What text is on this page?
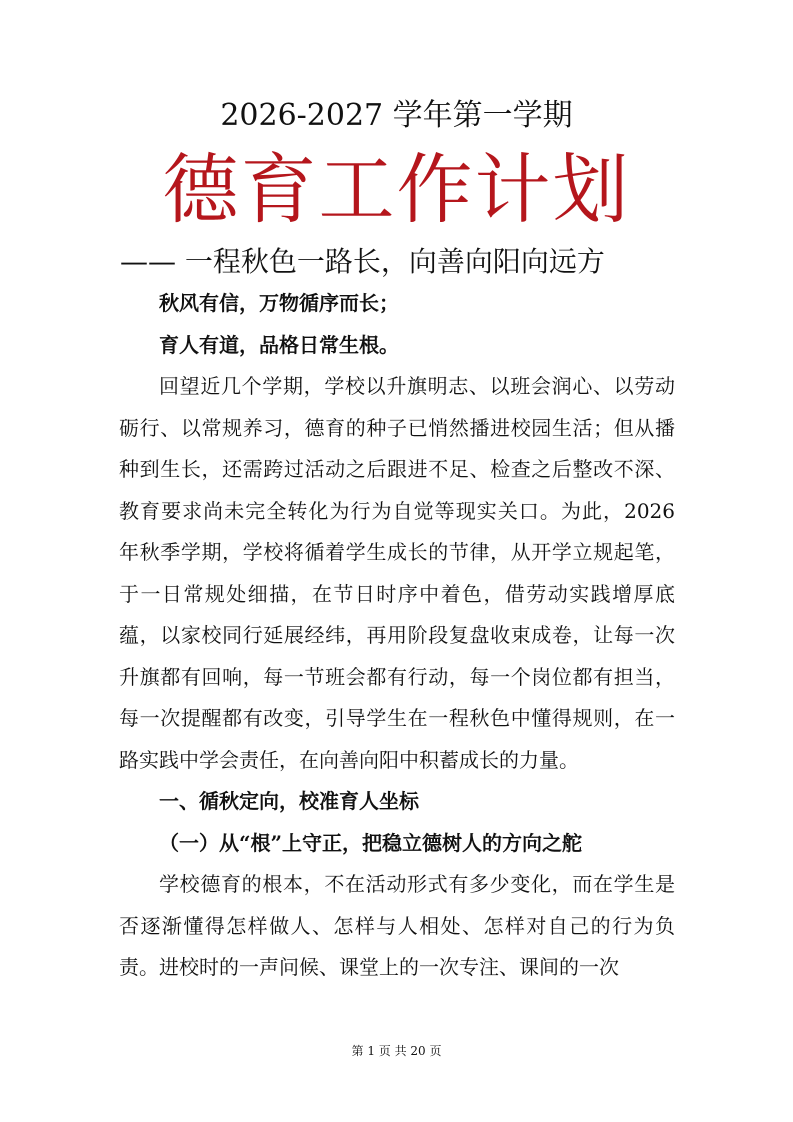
2026-2027 学年第一学期
德育工作计划
—— 一程秋色一路长，向善向阳向远方

秋风有信，万物循序而长；

育人有道，品格日常生根。

回望近几个学期，学校以升旗明志、以班会润心、以劳动砺行、以常规养习，德育的种子已悄然播进校园生活；但从播种到生长，还需跨过活动之后跟进不足、检查之后整改不深、教育要求尚未完全转化为行为自觉等现实关口。为此，2026 年秋季学期，学校将循着学生成长的节律，从开学立规起笔，于一日常规处细描，在节日时序中着色，借劳动实践增厚底蕴，以家校同行延展经纬，再用阶段复盘收束成卷，让每一次升旗都有回响，每一节班会都有行动，每一个岗位都有担当，每一次提醒都有改变，引导学生在一程秋色中懂得规则，在一路实践中学会责任，在向善向阳中积蓄成长的力量。

一、循秋定向，校准育人坐标

（一）从“根”上守正，把稳立德树人的方向之舵

学校德育的根本，不在活动形式有多少变化，而在学生是否逐渐懂得怎样做人、怎样与人相处、怎样对自己的行为负责。进校时的一声问候、课堂上的一次专注、课间的一次

第 1 页 共 20 页
